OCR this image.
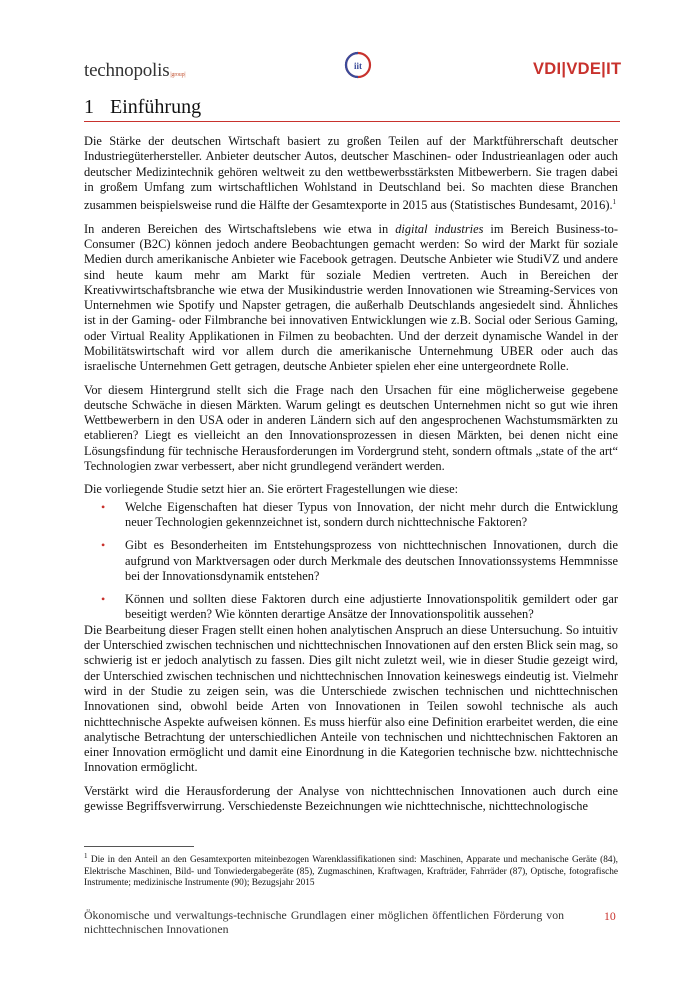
technopolis|group|
iit	VDI|VDE|IT
1 Einführung

Die Stärke der deutschen Wirtschaft basiert zu großen Teilen auf der Marktführerschaft deutscher Industriegüterhersteller. Anbieter deutscher Autos, deutscher Maschinen- oder Industrieanlagen oder auch deutscher Medizintechnik gehören weltweit zu den wettbewerbsstärksten Mitbewerbern. Sie tragen dabei in großem Umfang zum wirtschaftlichen Wohlstand in Deutschland bei. So machten diese Branchen zusammen beispielsweise rund die Hälfte der Gesamtexporte in 2015 aus (Statistisches Bundesamt, 2016).$^1$

In anderen Bereichen des Wirtschaftslebens wie etwa in digital industries im Bereich Business-to-Consumer (B2C) können jedoch andere Beobachtungen gemacht werden: So wird der Markt für soziale Medien durch amerikanische Anbieter wie Facebook getragen. Deutsche Anbieter wie StudiVZ und andere sind heute kaum mehr am Markt für soziale Medien vertreten. Auch in Bereichen der Kreativwirtschaftsbranche wie etwa der Musikindustrie werden Innovationen wie Streaming-Services von Unternehmen wie Spotify und Napster getragen, die außerhalb Deutschlands angesiedelt sind. Ähnliches ist in der Gaming- oder Filmbranche bei innovativen Entwicklungen wie z.B. Social oder Serious Gaming, oder Virtual Reality Applikationen in Filmen zu beobachten. Und der derzeit dynamische Wandel in der Mobilitätswirtschaft wird vor allem durch die amerikanische Unternehmung UBER oder auch das israelische Unternehmen Gett getragen, deutsche Anbieter spielen eher eine untergeordnete Rolle.

Vor diesem Hintergrund stellt sich die Frage nach den Ursachen für eine möglicherweise gegebene deutsche Schwäche in diesen Märkten. Warum gelingt es deutschen Unternehmen nicht so gut wie ihren Wettbewerbern in den USA oder in anderen Ländern sich auf den angesprochenen Wachstumsmärkten zu etablieren? Liegt es vielleicht an den Innovationsprozessen in diesen Märkten, bei denen nicht eine Lösungsfindung für technische Herausforderungen im Vordergrund steht, sondern oftmals „state of the art“ Technologien zwar verbessert, aber nicht grundlegend verändert werden.

Die vorliegende Studie setzt hier an. Sie erörtert Fragestellungen wie diese:

• Welche Eigenschaften hat dieser Typus von Innovation, der nicht mehr durch die Entwicklung neuer Technologien gekennzeichnet ist, sondern durch nichttechnische Faktoren?
• Gibt es Besonderheiten im Entstehungsprozess von nichttechnischen Innovationen, durch die aufgrund von Marktversagen oder durch Merkmale des deutschen Innovationssystems Hemmnisse bei der Innovationsdynamik entstehen?
• Können und sollten diese Faktoren durch eine adjustierte Innovationspolitik gemildert oder gar beseitigt werden? Wie könnten derartige Ansätze der Innovationspolitik aussehen?

Die Bearbeitung dieser Fragen stellt einen hohen analytischen Anspruch an diese Untersuchung. So intuitiv der Unterschied zwischen technischen und nichttechnischen Innovationen auf den ersten Blick sein mag, so schwierig ist er jedoch analytisch zu fassen. Dies gilt nicht zuletzt weil, wie in dieser Studie gezeigt wird, der Unterschied zwischen technischen und nichttechnischen Innovation keineswegs eindeutig ist. Vielmehr wird in der Studie zu zeigen sein, was die Unterschiede zwischen technischen und nichttechnischen Innovationen sind, obwohl beide Arten von Innovationen in Teilen sowohl technische als auch nichttechnische Aspekte aufweisen können. Es muss hierfür also eine Definition erarbeitet werden, die eine analytische Betrachtung der unterschiedlichen Anteile von technischen und nichttechnischen Faktoren an einer Innovation ermöglicht und damit eine Einordnung in die Kategorien technische bzw. nichttechnische Innovation ermöglicht.

Verstärkt wird die Herausforderung der Analyse von nichttechnischen Innovationen auch durch eine gewisse Begriffsverwirrung. Verschiedenste Bezeichnungen wie nichttechnische, nichttechnologische

$^1$ Die in den Anteil an den Gesamtexporten miteinbezogen Warenklassifikationen sind: Maschinen, Apparate und mechanische Geräte (84), Elektrische Maschinen, Bild- und Tonwiedergabegeräte (85), Zugmaschinen, Kraftwagen, Krafträder, Fahrräder (87), Optische, fotografische Instrumente; medizinische Instrumente (90); Bezugsjahr 2015
Ökonomische und verwaltungs-technische Grundlagen einer möglichen öffentlichen Förderung von nichttechnischen Innovationen
10
